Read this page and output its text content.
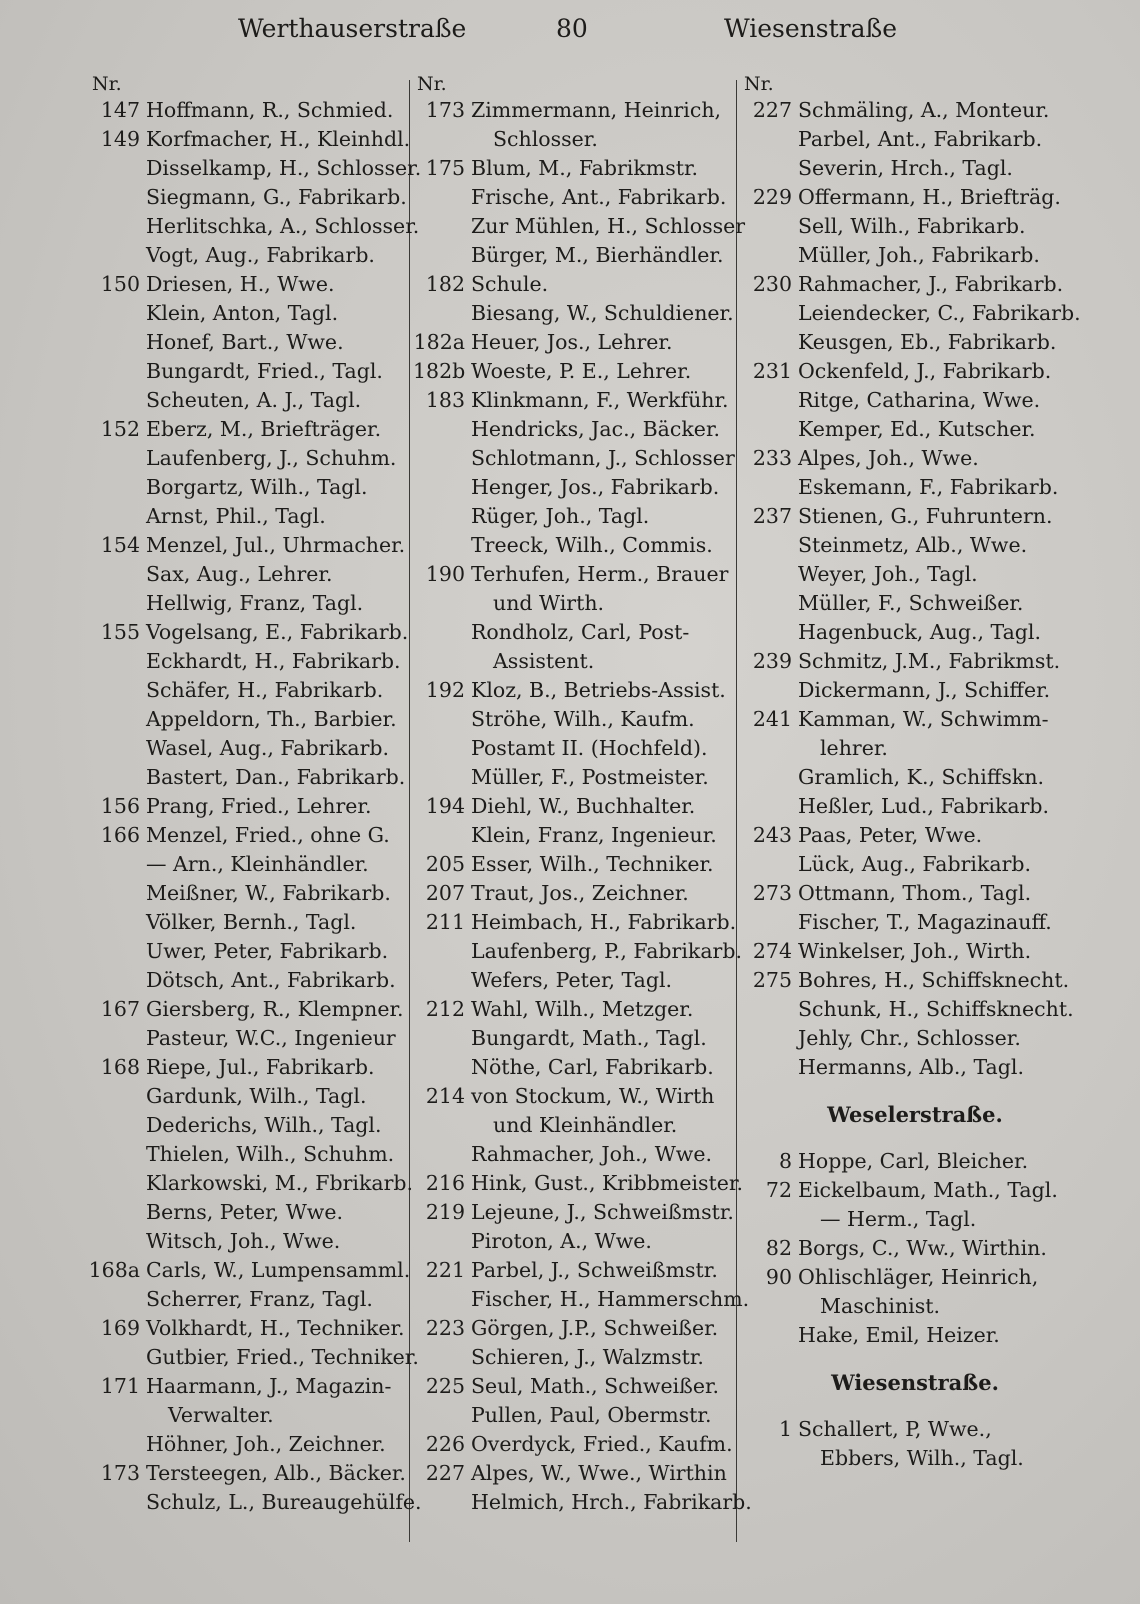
Werthauserstraße	80	Wiesenstraße
Nr.
147 Hoffmann, R., Schmied.
149 Korfmacher, H., Kleinhdl.
Disselkamp, H., Schlosser.
Siegmann, G., Fabrikarb.
Herlitschka, A., Schlosser.
Vogt, Aug., Fabrikarb.
150 Driesen, H., Wwe.
Klein, Anton, Tagl.
Honef, Bart., Wwe.
Bungardt, Fried., Tagl.
Scheuten, A. J., Tagl.
152 Eberz, M., Briefträger.
Laufenberg, J., Schuhm.
Borgartz, Wilh., Tagl.
Arnst, Phil., Tagl.
154 Menzel, Jul., Uhrmacher.
Sax, Aug., Lehrer.
Hellwig, Franz, Tagl.
155 Vogelsang, E., Fabrikarb.
Eckhardt, H., Fabrikarb.
Schäfer, H., Fabrikarb.
Appeldorn, Th., Barbier.
Wasel, Aug., Fabrikarb.
Bastert, Dan., Fabrikarb.
156 Prang, Fried., Lehrer.
166 Menzel, Fried., ohne G.
— Arn., Kleinhändler.
Meißner, W., Fabrikarb.
Völker, Bernh., Tagl.
Uwer, Peter, Fabrikarb.
Dötsch, Ant., Fabrikarb.
167 Giersberg, R., Klempner.
Pasteur, W.C., Ingenieur
168 Riepe, Jul., Fabrikarb.
Gardunk, Wilh., Tagl.
Dederichs, Wilh., Tagl.
Thielen, Wilh., Schuhm.
Klarkowski, M., Fbrikarb.
Berns, Peter, Wwe.
Witsch, Joh., Wwe.
168a Carls, W., Lumpensamml.
Scherrer, Franz, Tagl.
169 Volkhardt, H., Techniker.
Gutbier, Fried., Techniker.
171 Haarmann, J., Magazin-
Verwalter.
Höhner, Joh., Zeichner.
173 Tersteegen, Alb., Bäcker.
Schulz, L., Bureaugehülfe.
Nr.
173 Zimmermann, Heinrich,
Schlosser.
175 Blum, M., Fabrikmstr.
Frische, Ant., Fabrikarb.
Zur Mühlen, H., Schlosser
Bürger, M., Bierhändler.
182 Schule.
Biesang, W., Schuldiener.
182a Heuer, Jos., Lehrer.
182b Woeste, P. E., Lehrer.
183 Klinkmann, F., Werkführ.
Hendricks, Jac., Bäcker.
Schlotmann, J., Schlosser
Henger, Jos., Fabrikarb.
Rüger, Joh., Tagl.
Treeck, Wilh., Commis.
190 Terhufen, Herm., Brauer
und Wirth.
Rondholz, Carl, Post-
Assistent.
192 Kloz, B., Betriebs-Assist.
Ströhe, Wilh., Kaufm.
Postamt II. (Hochfeld).
Müller, F., Postmeister.
194 Diehl, W., Buchhalter.
Klein, Franz, Ingenieur.
205 Esser, Wilh., Techniker.
207 Traut, Jos., Zeichner.
211 Heimbach, H., Fabrikarb.
Laufenberg, P., Fabrikarb.
Wefers, Peter, Tagl.
212 Wahl, Wilh., Metzger.
Bungardt, Math., Tagl.
Nöthe, Carl, Fabrikarb.
214 von Stockum, W., Wirth
und Kleinhändler.
Rahmacher, Joh., Wwe.
216 Hink, Gust., Kribbmeister.
219 Lejeune, J., Schweißmstr.
Piroton, A., Wwe.
221 Parbel, J., Schweißmstr.
Fischer, H., Hammerschm.
223 Görgen, J.P., Schweißer.
Schieren, J., Walzmstr.
225 Seul, Math., Schweißer.
Pullen, Paul, Obermstr.
226 Overdyck, Fried., Kaufm.
227 Alpes, W., Wwe., Wirthin
Helmich, Hrch., Fabrikarb.
Nr.
227 Schmäling, A., Monteur.
Parbel, Ant., Fabrikarb.
Severin, Hrch., Tagl.
229 Offermann, H., Briefträg.
Sell, Wilh., Fabrikarb.
Müller, Joh., Fabrikarb.
230 Rahmacher, J., Fabrikarb.
Leiendecker, C., Fabrikarb.
Keusgen, Eb., Fabrikarb.
231 Ockenfeld, J., Fabrikarb.
Ritge, Catharina, Wwe.
Kemper, Ed., Kutscher.
233 Alpes, Joh., Wwe.
Eskemann, F., Fabrikarb.
237 Stienen, G., Fuhruntern.
Steinmetz, Alb., Wwe.
Weyer, Joh., Tagl.
Müller, F., Schweißer.
Hagenbuck, Aug., Tagl.
239 Schmitz, J.M., Fabrikmst.
Dickermann, J., Schiffer.
241 Kamman, W., Schwimm-
lehrer.
Gramlich, K., Schiffskn.
Heßler, Lud., Fabrikarb.
243 Paas, Peter, Wwe.
Lück, Aug., Fabrikarb.
273 Ottmann, Thom., Tagl.
Fischer, T., Magazinauff.
274 Winkelser, Joh., Wirth.
275 Bohres, H., Schiffsknecht.
Schunk, H., Schiffsknecht.
Jehly, Chr., Schlosser.
Hermanns, Alb., Tagl.
Weselerstraße.
8 Hoppe, Carl, Bleicher.
72 Eickelbaum, Math., Tagl.
— Herm., Tagl.
82 Borgs, C., Ww., Wirthin.
90 Ohlischläger, Heinrich,
Maschinist.
Hake, Emil, Heizer.
Wiesenstraße.
1 Schallert, P, Wwe.,
Ebbers, Wilh., Tagl.
